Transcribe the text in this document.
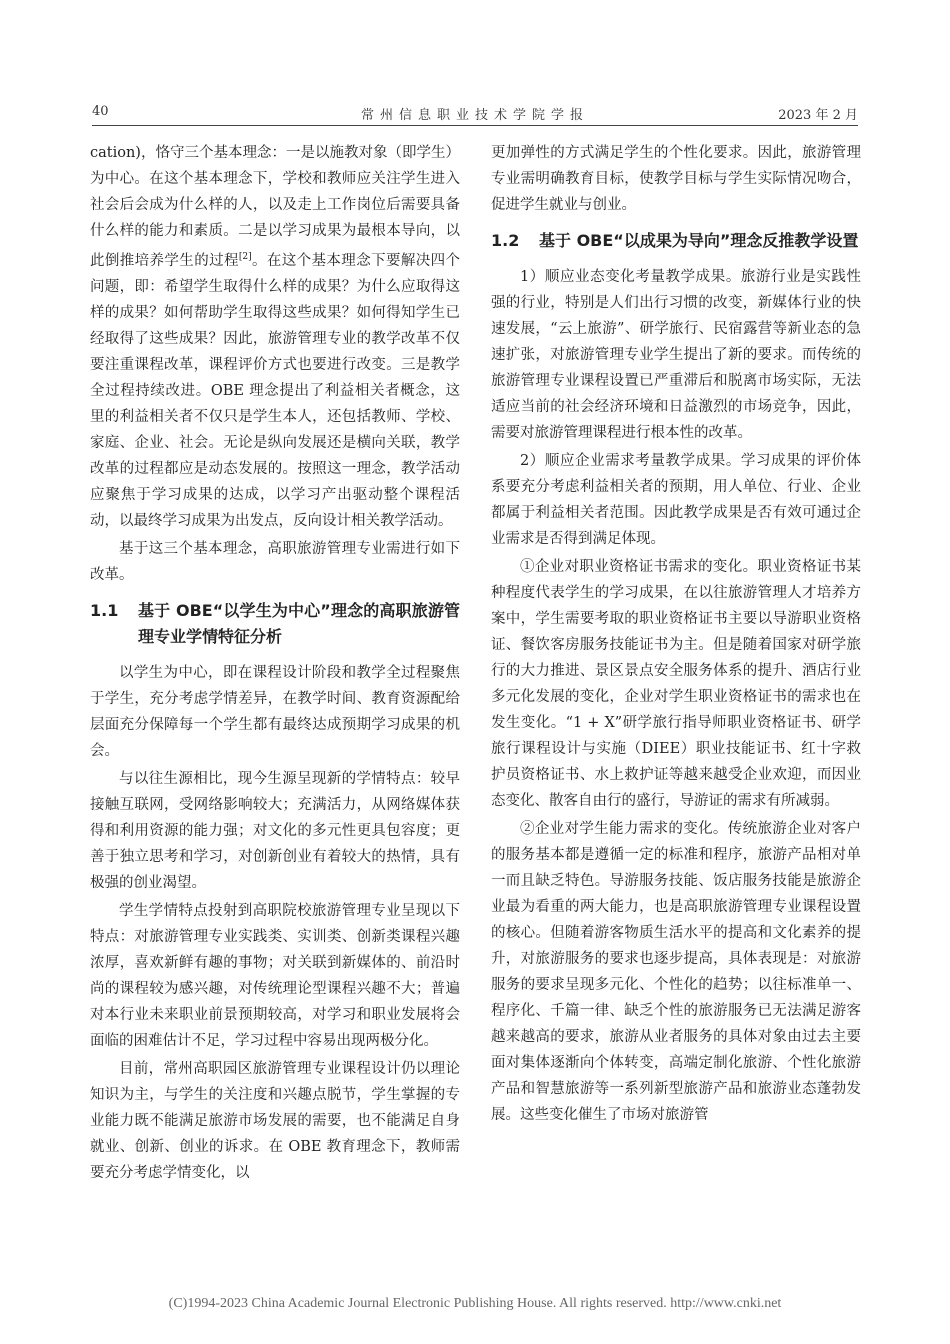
40	常州信息职业技术学院学报	2023 年 2 月

cation)，恪守三个基本理念：一是以施教对象（即学生）为中心。在这个基本理念下，学校和教师应关注学生进入社会后会成为什么样的人，以及走上工作岗位后需要具备什么样的能力和素质。二是以学习成果为最根本导向，以此倒推培养学生的过程[2]。在这个基本理念下要解决四个问题，即：希望学生取得什么样的成果？为什么应取得这样的成果？如何帮助学生取得这些成果？如何得知学生已经取得了这些成果？因此，旅游管理专业的教学改革不仅要注重课程改革，课程评价方式也要进行改变。三是教学全过程持续改进。OBE 理念提出了利益相关者概念，这里的利益相关者不仅只是学生本人，还包括教师、学校、家庭、企业、社会。无论是纵向发展还是横向关联，教学改革的过程都应是动态发展的。按照这一理念，教学活动应聚焦于学习成果的达成，以学习产出驱动整个课程活动，以最终学习成果为出发点，反向设计相关教学活动。

基于这三个基本理念，高职旅游管理专业需进行如下改革。

1.1 基于 OBE“以学生为中心”理念的高职旅游管理专业学情特征分析

以学生为中心，即在课程设计阶段和教学全过程聚焦于学生，充分考虑学情差异，在教学时间、教育资源配给层面充分保障每一个学生都有最终达成预期学习成果的机会。

与以往生源相比，现今生源呈现新的学情特点：较早接触互联网，受网络影响较大；充满活力，从网络媒体获得和利用资源的能力强；对文化的多元性更具包容度；更善于独立思考和学习，对创新创业有着较大的热情，具有极强的创业渴望。

学生学情特点投射到高职院校旅游管理专业呈现以下特点：对旅游管理专业实践类、实训类、创新类课程兴趣浓厚，喜欢新鲜有趣的事物；对关联到新媒体的、前沿时尚的课程较为感兴趣，对传统理论型课程兴趣不大；普遍对本行业未来职业前景预期较高，对学习和职业发展将会面临的困难估计不足，学习过程中容易出现两极分化。

目前，常州高职园区旅游管理专业课程设计仍以理论知识为主，与学生的关注度和兴趣点脱节，学生掌握的专业能力既不能满足旅游市场发展的需要，也不能满足自身就业、创新、创业的诉求。在 OBE 教育理念下，教师需要充分考虑学情变化，以

更加弹性的方式满足学生的个性化要求。因此，旅游管理专业需明确教育目标，使教学目标与学生实际情况吻合，促进学生就业与创业。

1.2 基于 OBE“以成果为导向”理念反推教学设置

1）顺应业态变化考量教学成果。旅游行业是实践性强的行业，特别是人们出行习惯的改变，新媒体行业的快速发展，“云上旅游”、研学旅行、民宿露营等新业态的急速扩张，对旅游管理专业学生提出了新的要求。而传统的旅游管理专业课程设置已严重滞后和脱离市场实际，无法适应当前的社会经济环境和日益激烈的市场竞争，因此，需要对旅游管理课程进行根本性的改革。

2）顺应企业需求考量教学成果。学习成果的评价体系要充分考虑利益相关者的预期，用人单位、行业、企业都属于利益相关者范围。因此教学成果是否有效可通过企业需求是否得到满足体现。

①企业对职业资格证书需求的变化。职业资格证书某种程度代表学生的学习成果，在以往旅游管理人才培养方案中，学生需要考取的职业资格证书主要以导游职业资格证、餐饮客房服务技能证书为主。但是随着国家对研学旅行的大力推进、景区景点安全服务体系的提升、酒店行业多元化发展的变化，企业对学生职业资格证书的需求也在发生变化。“1 + X”研学旅行指导师职业资格证书、研学旅行课程设计与实施（DIEE）职业技能证书、红十字救护员资格证书、水上救护证等越来越受企业欢迎，而因业态变化、散客自由行的盛行，导游证的需求有所减弱。

②企业对学生能力需求的变化。传统旅游企业对客户的服务基本都是遵循一定的标准和程序，旅游产品相对单一而且缺乏特色。导游服务技能、饭店服务技能是旅游企业最为看重的两大能力，也是高职旅游管理专业课程设置的核心。但随着游客物质生活水平的提高和文化素养的提升，对旅游服务的要求也逐步提高，具体表现是：对旅游服务的要求呈现多元化、个性化的趋势；以往标准单一、程序化、千篇一律、缺乏个性的旅游服务已无法满足游客越来越高的要求，旅游从业者服务的具体对象由过去主要面对集体逐渐向个体转变，高端定制化旅游、个性化旅游产品和智慧旅游等一系列新型旅游产品和旅游业态蓬勃发展。这些变化催生了市场对旅游管

(C)1994-2023 China Academic Journal Electronic Publishing House. All rights reserved. http://www.cnki.net
